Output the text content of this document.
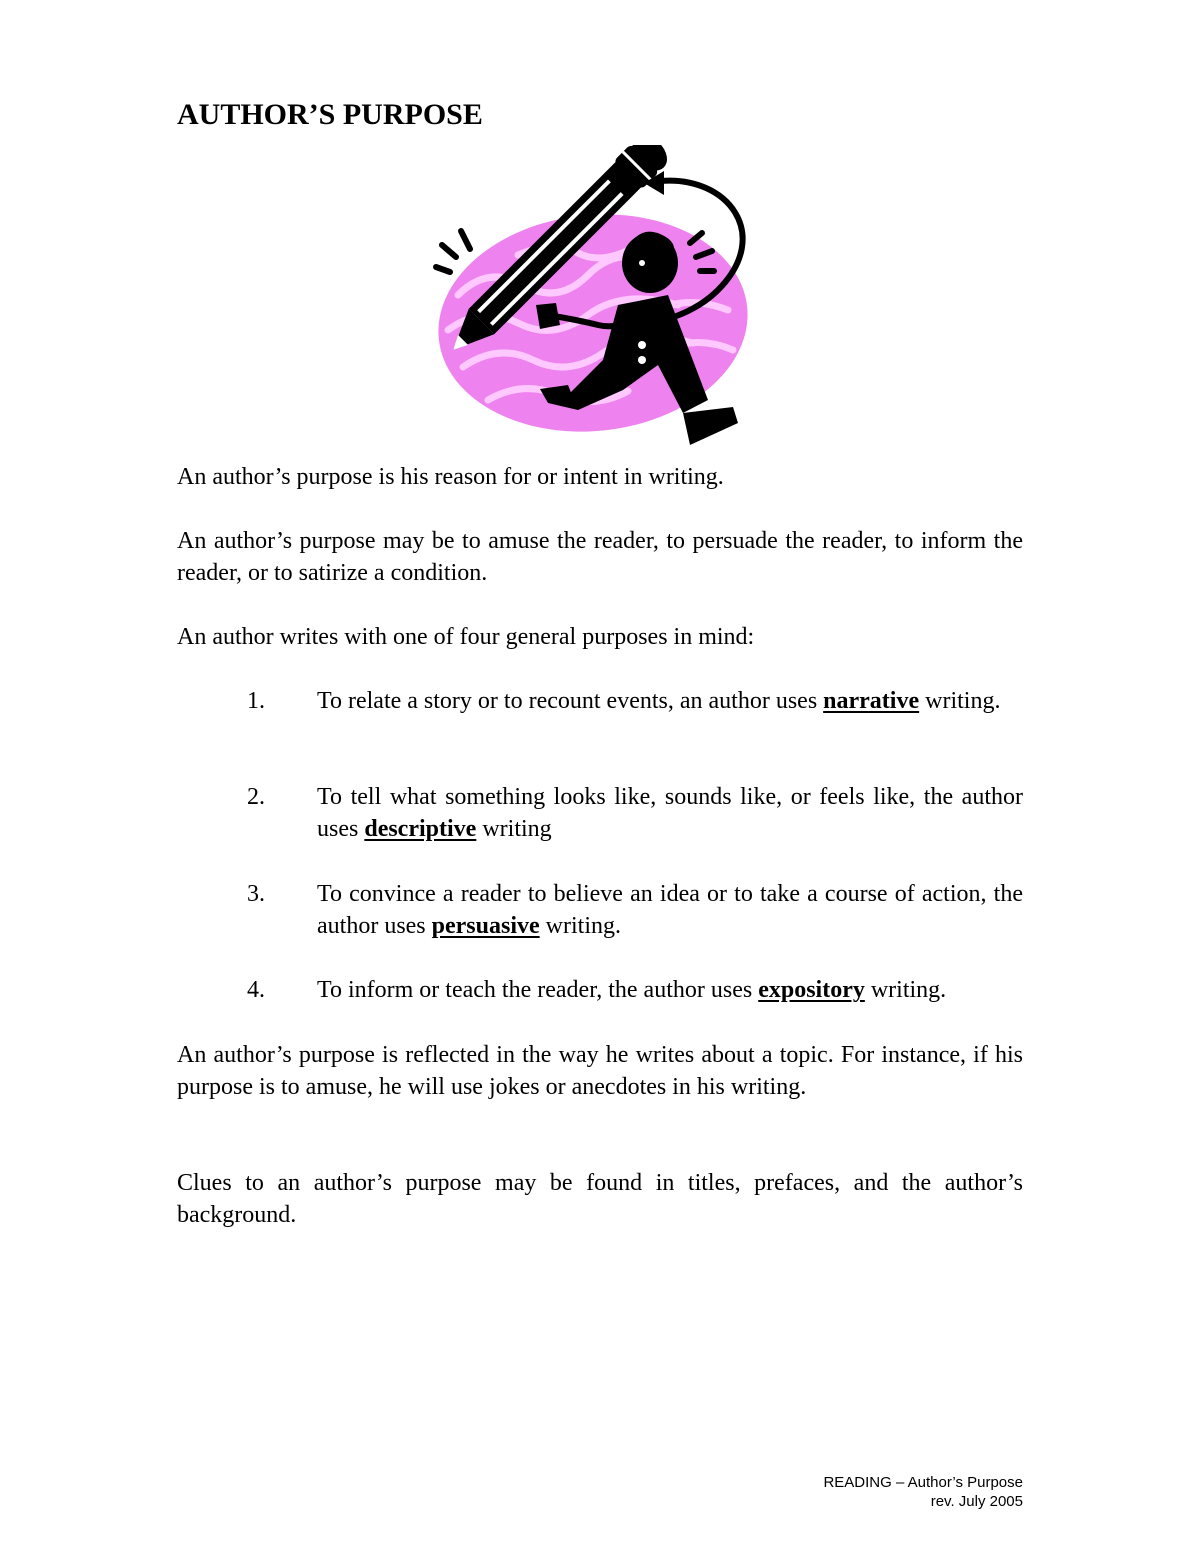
AUTHOR’S PURPOSE

An author’s purpose is his reason for or intent in writing.

An author’s purpose may be to amuse the reader, to persuade the reader, to inform the reader, or to satirize a condition.

An author writes with one of four general purposes in mind:

1. To relate a story or to recount events, an author uses narrative writing.
2. To tell what something looks like, sounds like, or feels like, the author uses descriptive writing
3. To convince a reader to believe an idea or to take a course of action, the author uses persuasive writing.
4. To inform or teach the reader, the author uses expository writing.

An author’s purpose is reflected in the way he writes about a topic. For instance, if his purpose is to amuse, he will use jokes or anecdotes in his writing.

Clues to an author’s purpose may be found in titles, prefaces, and the author’s background.

READING – Author’s Purpose
rev. July 2005
